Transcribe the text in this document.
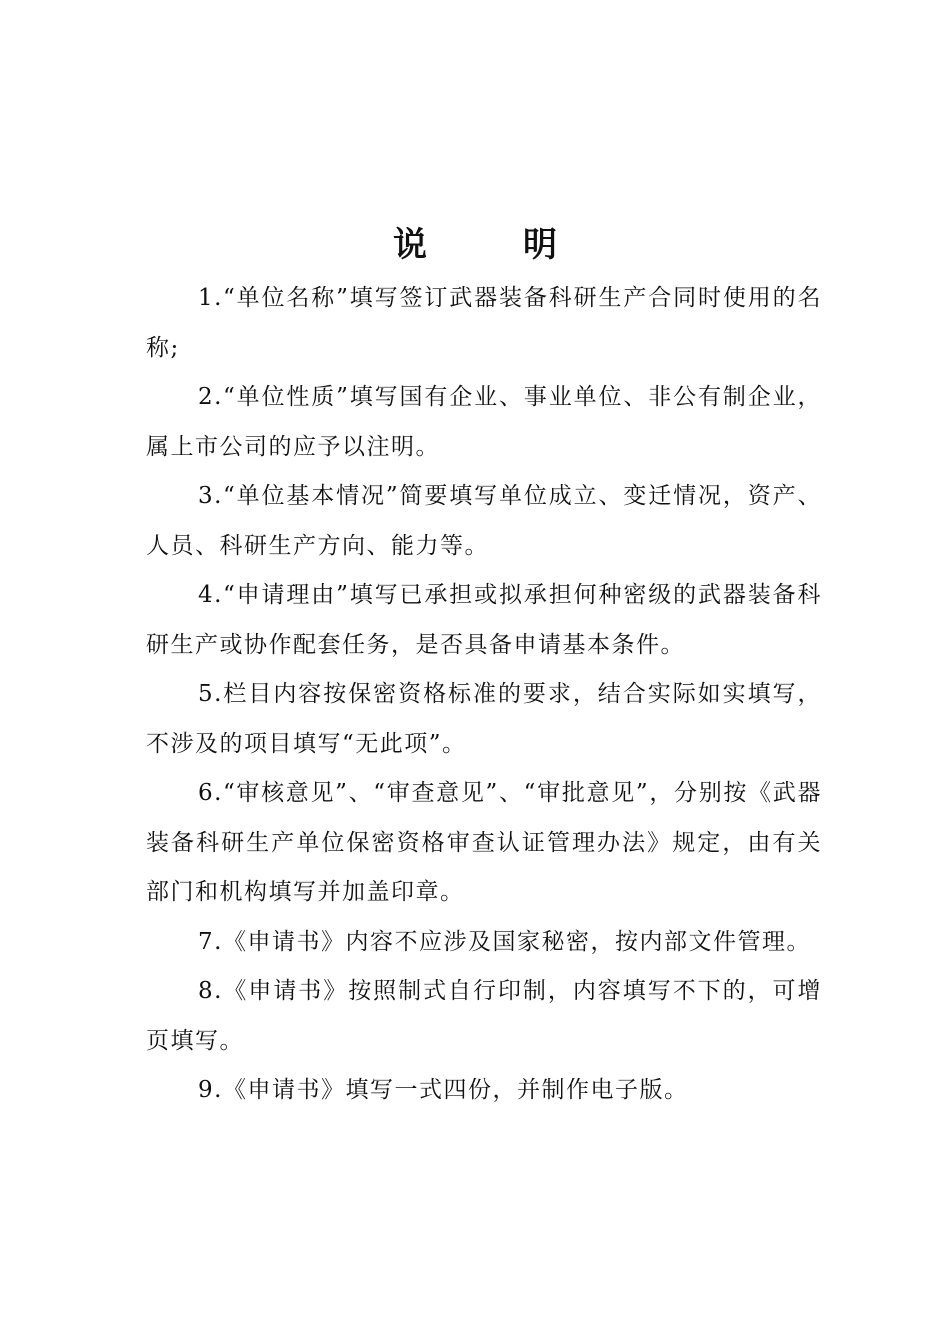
说	明

1.“单位名称”填写签订武器装备科研生产合同时使用的名称;

2.“单位性质”填写国有企业、事业单位、非公有制企业，属上市公司的应予以注明。

3.“单位基本情况”简要填写单位成立、变迁情况，资产、人员、科研生产方向、能力等。

4.“申请理由”填写已承担或拟承担何种密级的武器装备科研生产或协作配套任务，是否具备申请基本条件。

5.栏目内容按保密资格标准的要求，结合实际如实填写，不涉及的项目填写“无此项”。

6.“审核意见”、“审查意见”、“审批意见”，分别按《武器装备科研生产单位保密资格审查认证管理办法》规定，由有关部门和机构填写并加盖印章。

7.《申请书》内容不应涉及国家秘密，按内部文件管理。

8.《申请书》按照制式自行印制，内容填写不下的，可增页填写。

9.《申请书》填写一式四份，并制作电子版。
